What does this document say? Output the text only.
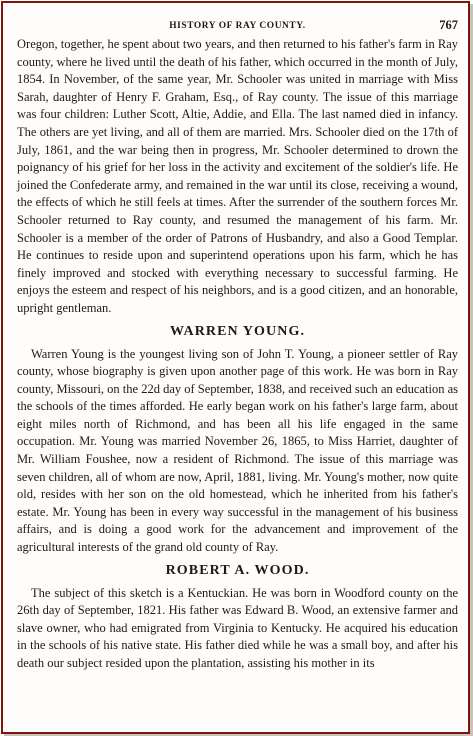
HISTORY OF RAY COUNTY.	767

Oregon, together, he spent about two years, and then returned to his father's farm in Ray county, where he lived until the death of his father, which occurred in the month of July, 1854. In November, of the same year, Mr. Schooler was united in marriage with Miss Sarah, daughter of Henry F. Graham, Esq., of Ray county. The issue of this marriage was four children: Luther Scott, Altie, Addie, and Ella. The last named died in infancy. The others are yet living, and all of them are married. Mrs. Schooler died on the 17th of July, 1861, and the war being then in progress, Mr. Schooler determined to drown the poignancy of his grief for her loss in the activity and excitement of the soldier's life. He joined the Confederate army, and remained in the war until its close, receiving a wound, the effects of which he still feels at times. After the surrender of the southern forces Mr. Schooler returned to Ray county, and resumed the management of his farm. Mr. Schooler is a member of the order of Patrons of Husbandry, and also a Good Templar. He continues to reside upon and superintend operations upon his farm, which he has finely improved and stocked with everything necessary to successful farming. He enjoys the esteem and respect of his neighbors, and is a good citizen, and an honorable, upright gentleman.

WARREN YOUNG.

Warren Young is the youngest living son of John T. Young, a pioneer settler of Ray county, whose biography is given upon another page of this work. He was born in Ray county, Missouri, on the 22d day of September, 1838, and received such an education as the schools of the times afforded. He early began work on his father's large farm, about eight miles north of Richmond, and has been all his life engaged in the same occupation. Mr. Young was married November 26, 1865, to Miss Harriet, daughter of Mr. William Foushee, now a resident of Richmond. The issue of this marriage was seven children, all of whom are now, April, 1881, living. Mr. Young's mother, now quite old, resides with her son on the old homestead, which he inherited from his father's estate. Mr. Young has been in every way successful in the management of his business affairs, and is doing a good work for the advancement and improvement of the agricultural interests of the grand old county of Ray.

ROBERT A. WOOD.

The subject of this sketch is a Kentuckian. He was born in Woodford county on the 26th day of September, 1821. His father was Edward B. Wood, an extensive farmer and slave owner, who had emigrated from Virginia to Kentucky. He acquired his education in the schools of his native state. His father died while he was a small boy, and after his death our subject resided upon the plantation, assisting his mother in its
